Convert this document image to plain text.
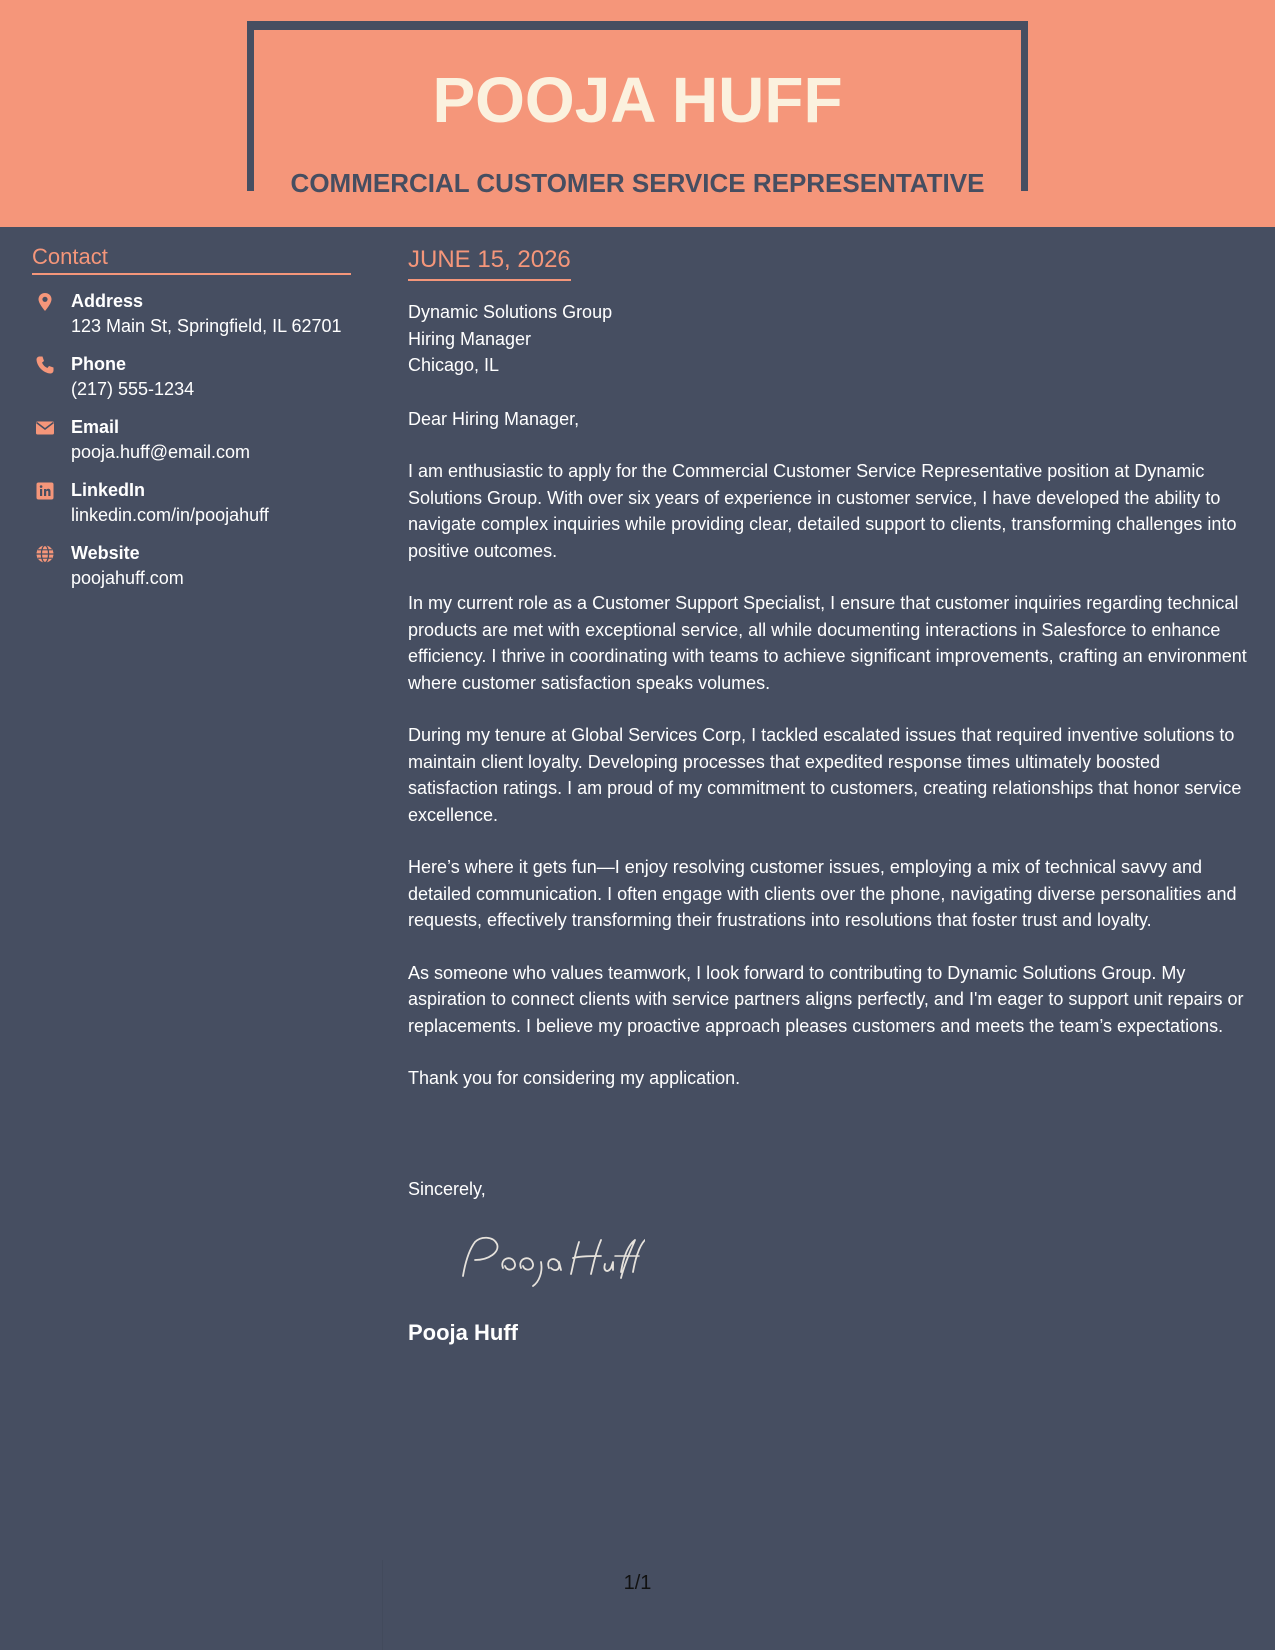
POOJA HUFF
COMMERCIAL CUSTOMER SERVICE REPRESENTATIVE
Contact
Address
123 Main St, Springfield, IL 62701
Phone
(217) 555-1234
Email
pooja.huff@email.com
LinkedIn
linkedin.com/in/poojahuff
Website
poojahuff.com
JUNE 15, 2026
Dynamic Solutions Group
Hiring Manager
Chicago, IL

Dear Hiring Manager,

I am enthusiastic to apply for the Commercial Customer Service Representative position at Dynamic Solutions Group. With over six years of experience in customer service, I have developed the ability to navigate complex inquiries while providing clear, detailed support to clients, transforming challenges into positive outcomes.

In my current role as a Customer Support Specialist, I ensure that customer inquiries regarding technical products are met with exceptional service, all while documenting interactions in Salesforce to enhance efficiency. I thrive in coordinating with teams to achieve significant improvements, crafting an environment where customer satisfaction speaks volumes.

During my tenure at Global Services Corp, I tackled escalated issues that required inventive solutions to maintain client loyalty. Developing processes that expedited response times ultimately boosted satisfaction ratings. I am proud of my commitment to customers, creating relationships that honor service excellence.

Here’s where it gets fun—I enjoy resolving customer issues, employing a mix of technical savvy and detailed communication. I often engage with clients over the phone, navigating diverse personalities and requests, effectively transforming their frustrations into resolutions that foster trust and loyalty.

As someone who values teamwork, I look forward to contributing to Dynamic Solutions Group. My aspiration to connect clients with service partners aligns perfectly, and I'm eager to support unit repairs or replacements. I believe my proactive approach pleases customers and meets the team’s expectations.

Thank you for considering my application.

Sincerely,
Pooja Huff
1/1
